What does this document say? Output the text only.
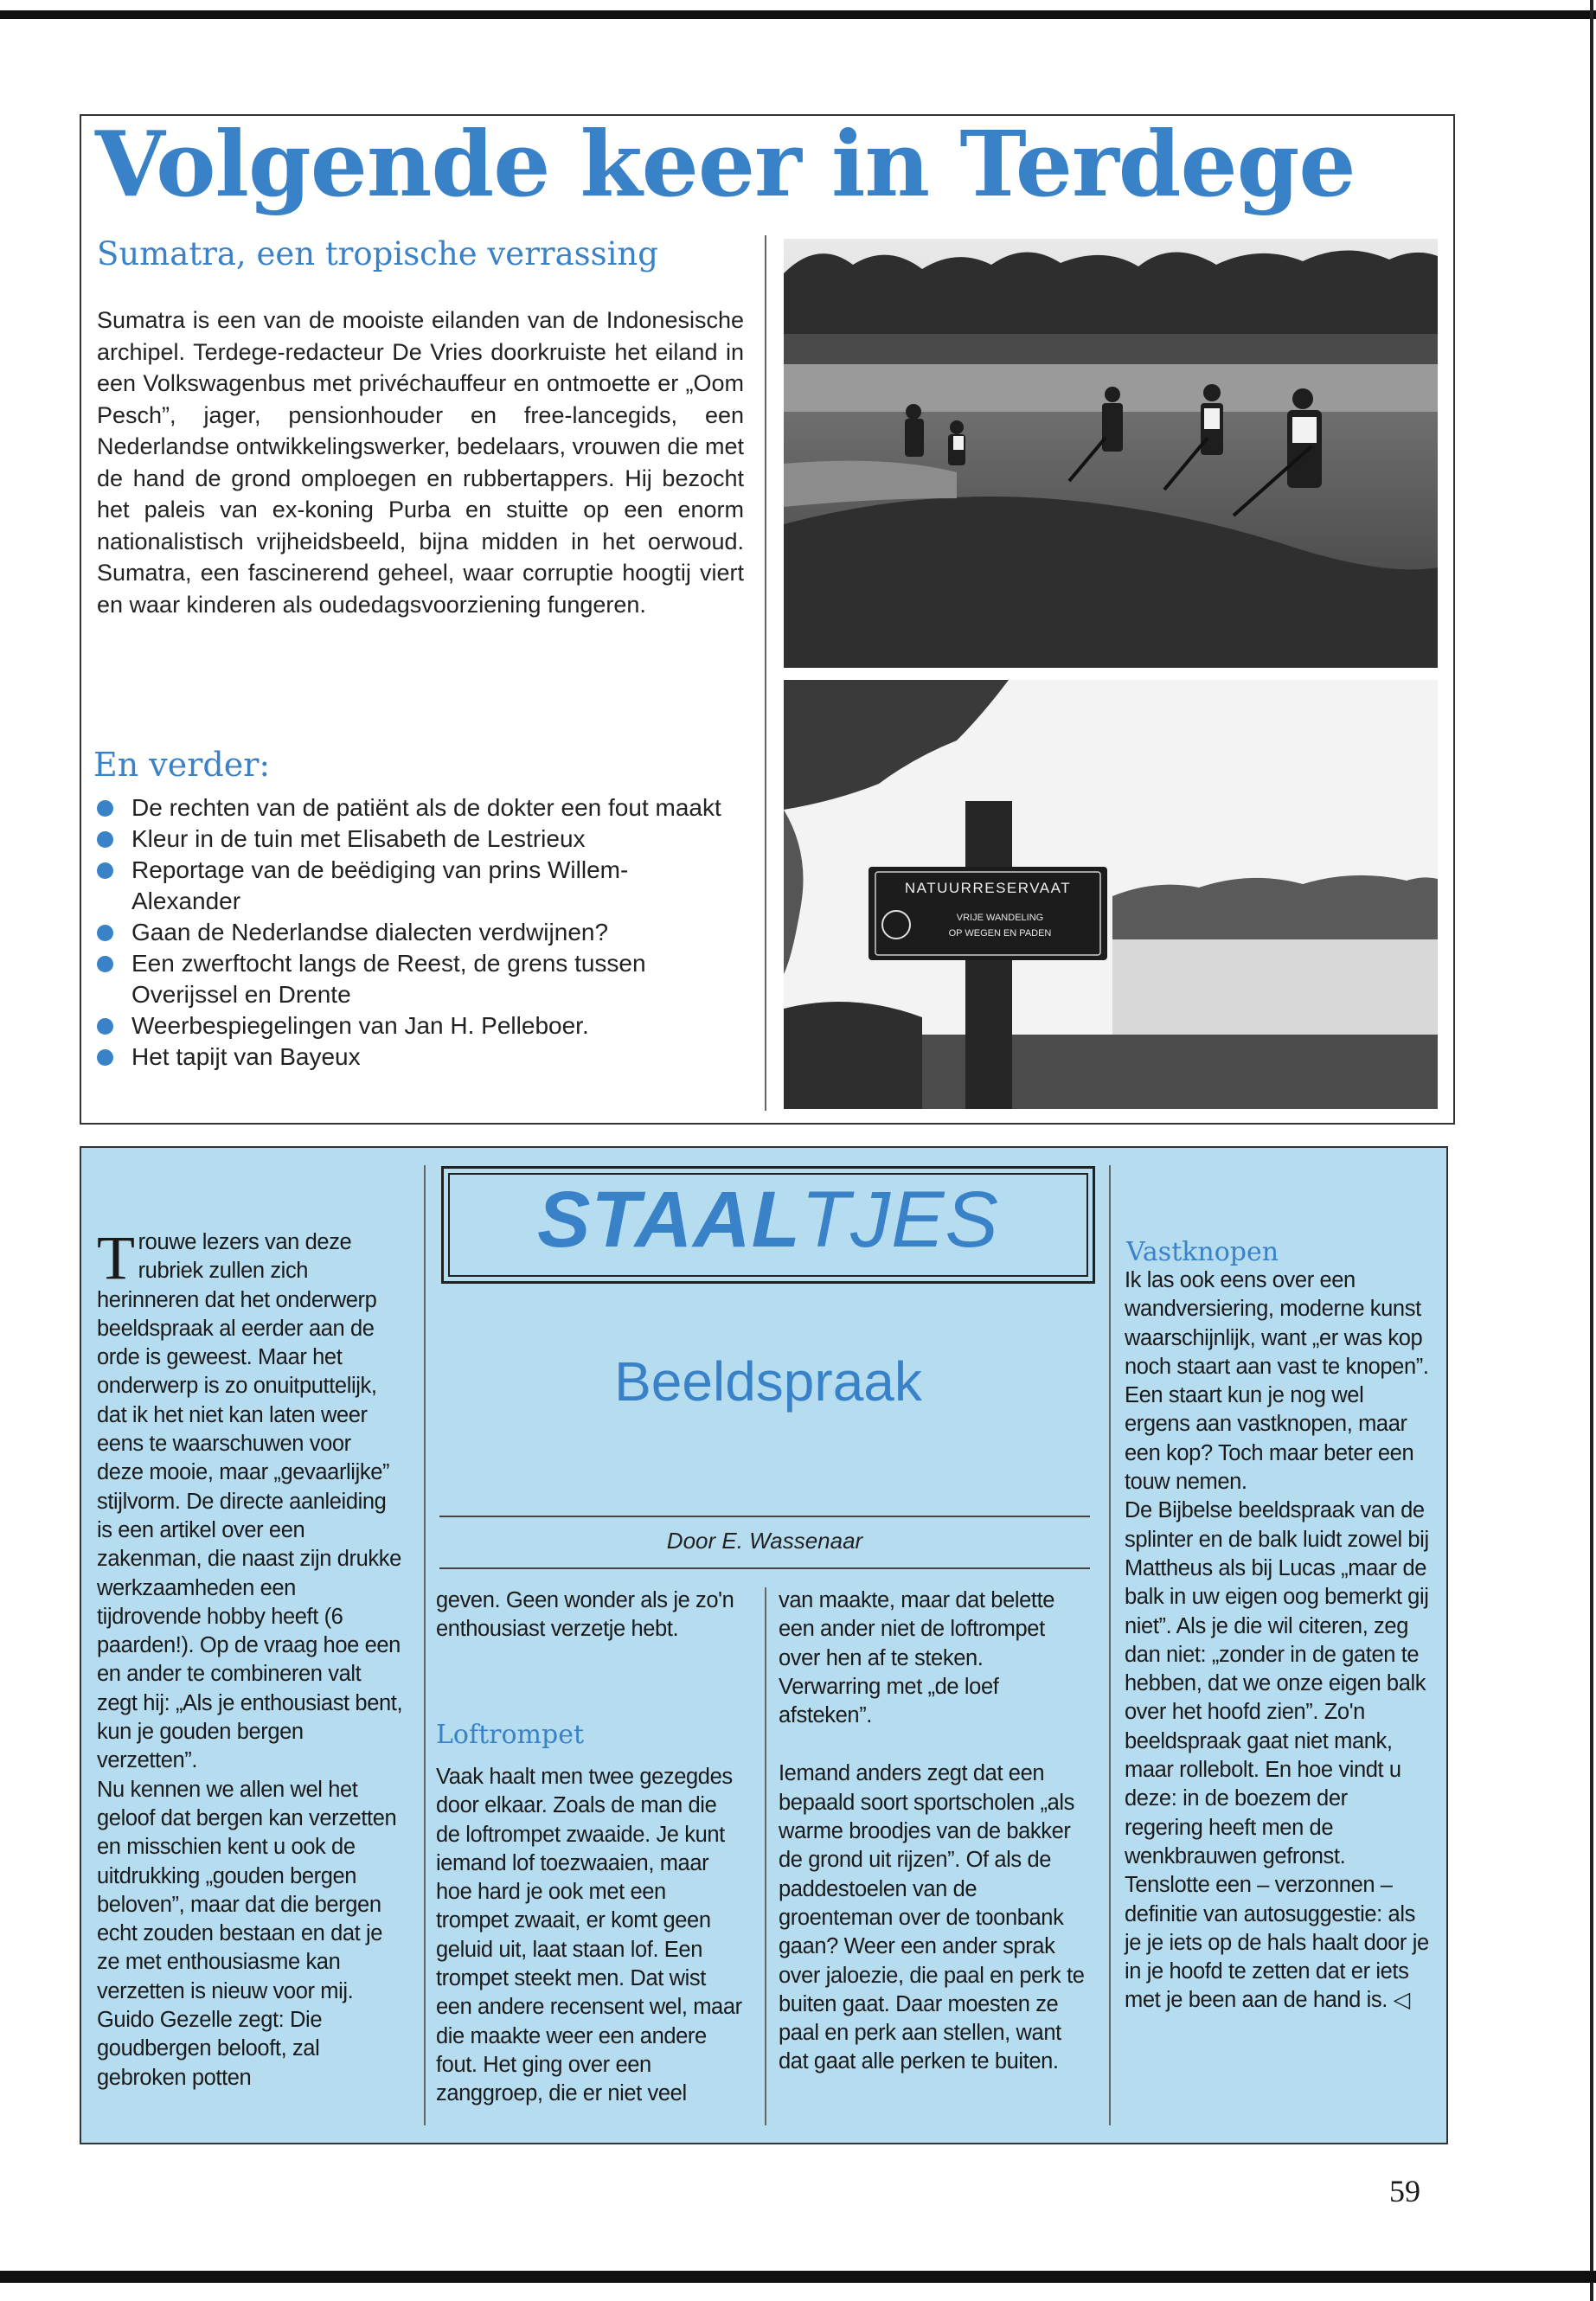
Volgende keer in Terdege
Sumatra, een tropische verrassing

Sumatra is een van de mooiste eilanden van de Indonesische archipel. Terdege-redacteur De Vries doorkruiste het eiland in een Volkswagenbus met privéchauffeur en ontmoette er „Oom Pesch”, jager, pensionhouder en free-lancegids, een Nederlandse ontwikkelingswerker, bedelaars, vrouwen die met de hand de grond omploegen en rubbertappers. Hij bezocht het paleis van ex-koning Purba en stuitte op een enorm nationalistisch vrijheidsbeeld, bijna midden in het oerwoud. Sumatra, een fascinerend geheel, waar corruptie hoogtij viert en waar kinderen als oudedagsvoorziening fungeren.

En verder:
De rechten van de patiënt als de dokter een fout maakt
Kleur in de tuin met Elisabeth de Lestrieux
Reportage van de beëdiging van prins Willem-Alexander
Gaan de Nederlandse dialecten verdwijnen?
Een zwerftocht langs de Reest, de grens tussen Overijssel en Drente
Weerbespiegelingen van Jan H. Pelleboer.
Het tapijt van Bayeux
NATUURRESERVAAT
VRIJE WANDELING
OP WEGEN EN PADEN
STAALTJES
Beeldspraak

Door E. Wassenaar

T rouwe lezers van deze rubriek zullen zich herinneren dat het onderwerp beeldspraak al eerder aan de orde is geweest. Maar het onderwerp is zo onuitputtelijk, dat ik het niet kan laten weer eens te waarschuwen voor deze mooie, maar „gevaarlijke” stijlvorm. De directe aanleiding is een artikel over een zakenman, die naast zijn drukke werkzaamheden een tijdrovende hobby heeft (6 paarden!). Op de vraag hoe een en ander te combineren valt zegt hij: „Als je enthousiast bent, kun je gouden bergen verzetten”.

Nu kennen we allen wel het geloof dat bergen kan verzetten en misschien kent u ook de uitdrukking „gouden bergen beloven”, maar dat die bergen echt zouden bestaan en dat je ze met enthousiasme kan verzetten is nieuw voor mij. Guido Gezelle zegt: Die goudbergen belooft, zal gebroken potten

geven. Geen wonder als je zo'n enthousiast verzetje hebt.

Loftrompet

Vaak haalt men twee gezegdes door elkaar. Zoals de man die de loftrompet zwaaide. Je kunt iemand lof toezwaaien, maar hoe hard je ook met een trompet zwaait, er komt geen geluid uit, laat staan lof. Een trompet steekt men. Dat wist een andere recensent wel, maar die maakte weer een andere fout. Het ging over een zanggroep, die er niet veel

van maakte, maar dat belette een ander niet de loftrompet over hen af te steken. Verwarring met „de loef afsteken”.

Iemand anders zegt dat een bepaald soort sportscholen „als warme broodjes van de bakker de grond uit rijzen”. Of als de paddestoelen van de groenteman over de toonbank gaan? Weer een ander sprak over jaloezie, die paal en perk te buiten gaat. Daar moesten ze paal en perk aan stellen, want dat gaat alle perken te buiten.

Vastknopen

Ik las ook eens over een wandversiering, moderne kunst waarschijnlijk, want „er was kop noch staart aan vast te knopen”. Een staart kun je nog wel ergens aan vastknopen, maar een kop? Toch maar beter een touw nemen.

De Bijbelse beeldspraak van de splinter en de balk luidt zowel bij Mattheus als bij Lucas „maar de balk in uw eigen oog bemerkt gij niet”. Als je die wil citeren, zeg dan niet: „zonder in de gaten te hebben, dat we onze eigen balk over het hoofd zien”. Zo'n beeldspraak gaat niet mank, maar rollebolt. En hoe vindt u deze: in de boezem der regering heeft men de wenkbrauwen gefronst. Tenslotte een – verzonnen – definitie van autosuggestie: als je je iets op de hals haalt door je in je hoofd te zetten dat er iets met je been aan de hand is. ◁

59
